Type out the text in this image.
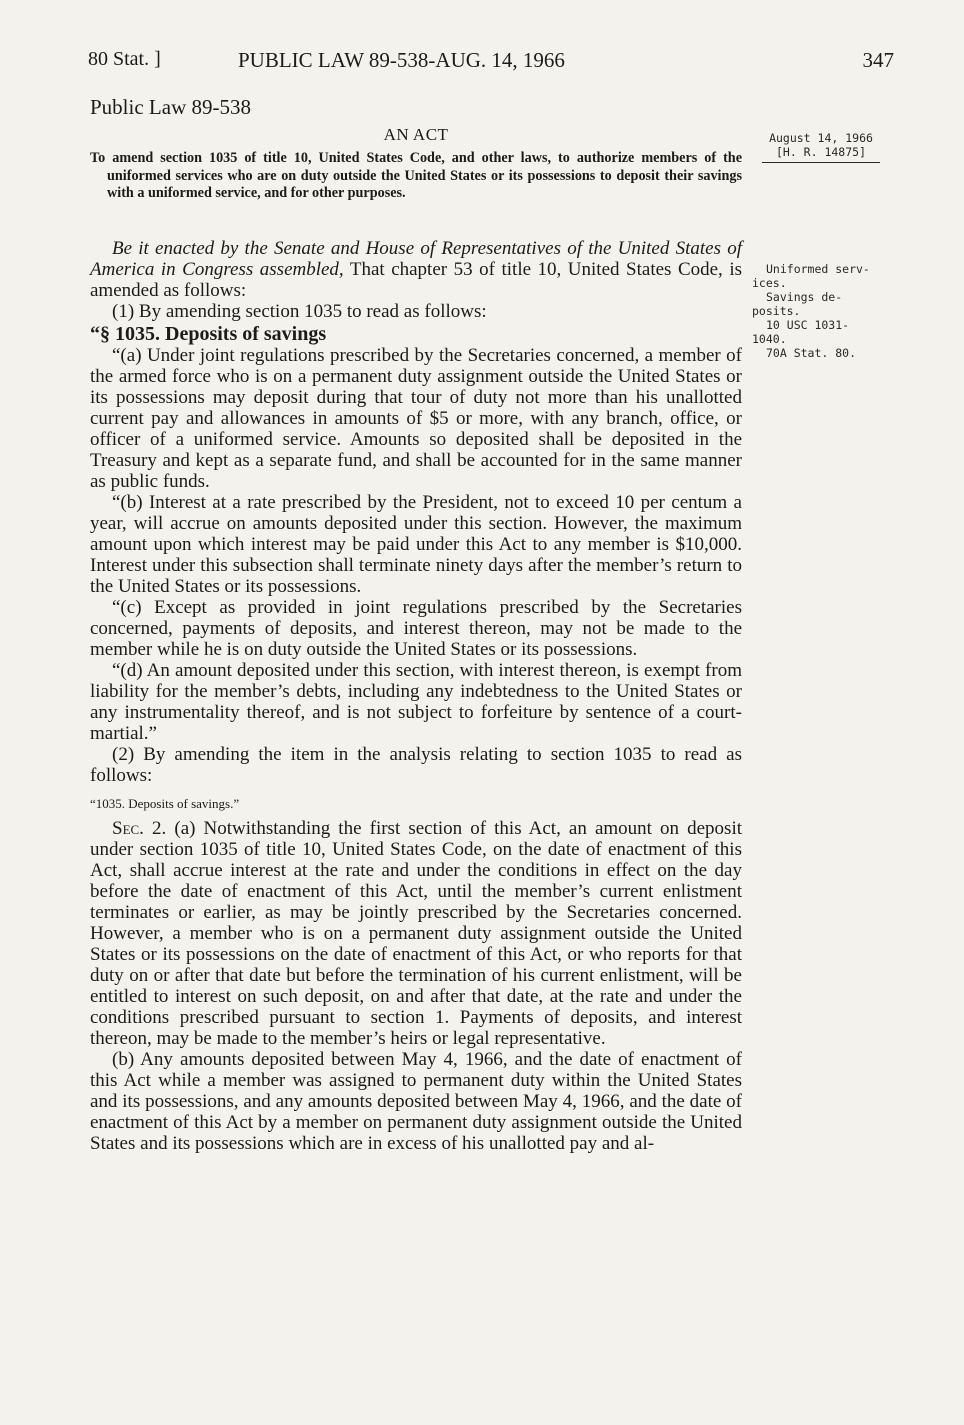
80 Stat. ]	PUBLIC LAW 89-538-AUG. 14, 1966	347
Public Law 89-538
AN ACT

To amend section 1035 of title 10, United States Code, and other laws, to authorize members of the uniformed services who are on duty outside the United States or its possessions to deposit their savings with a uniformed service, and for other purposes.

August 14, 1966
[H. R. 14875]
Uniformed serv-
ices.
Savings de-
posits.
10 USC 1031-
1040.
70A Stat. 80.

Be it enacted by the Senate and House of Representatives of the United States of America in Congress assembled, That chapter 53 of title 10, United States Code, is amended as follows:

(1) By amending section 1035 to read as follows:

“§ 1035. Deposits of savings

“(a) Under joint regulations prescribed by the Secretaries concerned, a member of the armed force who is on a permanent duty assignment outside the United States or its possessions may deposit during that tour of duty not more than his unallotted current pay and allowances in amounts of $5 or more, with any branch, office, or officer of a uniformed service. Amounts so deposited shall be deposited in the Treasury and kept as a separate fund, and shall be accounted for in the same manner as public funds.

“(b) Interest at a rate prescribed by the President, not to exceed 10 per centum a year, will accrue on amounts deposited under this section. However, the maximum amount upon which interest may be paid under this Act to any member is $10,000. Interest under this subsection shall terminate ninety days after the member’s return to the United States or its possessions.

“(c) Except as provided in joint regulations prescribed by the Secretaries concerned, payments of deposits, and interest thereon, may not be made to the member while he is on duty outside the United States or its possessions.

“(d) An amount deposited under this section, with interest thereon, is exempt from liability for the member’s debts, including any indebtedness to the United States or any instrumentality thereof, and is not subject to forfeiture by sentence of a court-martial.”

(2) By amending the item in the analysis relating to section 1035 to read as follows:

“1035. Deposits of savings.”

Sec. 2. (a) Notwithstanding the first section of this Act, an amount on deposit under section 1035 of title 10, United States Code, on the date of enactment of this Act, shall accrue interest at the rate and under the conditions in effect on the day before the date of enactment of this Act, until the member’s current enlistment terminates or earlier, as may be jointly prescribed by the Secretaries concerned. However, a member who is on a permanent duty assignment outside the United States or its possessions on the date of enactment of this Act, or who reports for that duty on or after that date but before the termination of his current enlistment, will be entitled to interest on such deposit, on and after that date, at the rate and under the conditions prescribed pursuant to section 1. Payments of deposits, and interest thereon, may be made to the member’s heirs or legal representative.

(b) Any amounts deposited between May 4, 1966, and the date of enactment of this Act while a member was assigned to permanent duty within the United States and its possessions, and any amounts deposited between May 4, 1966, and the date of enactment of this Act by a member on permanent duty assignment outside the United States and its possessions which are in excess of his unallotted pay and al-
